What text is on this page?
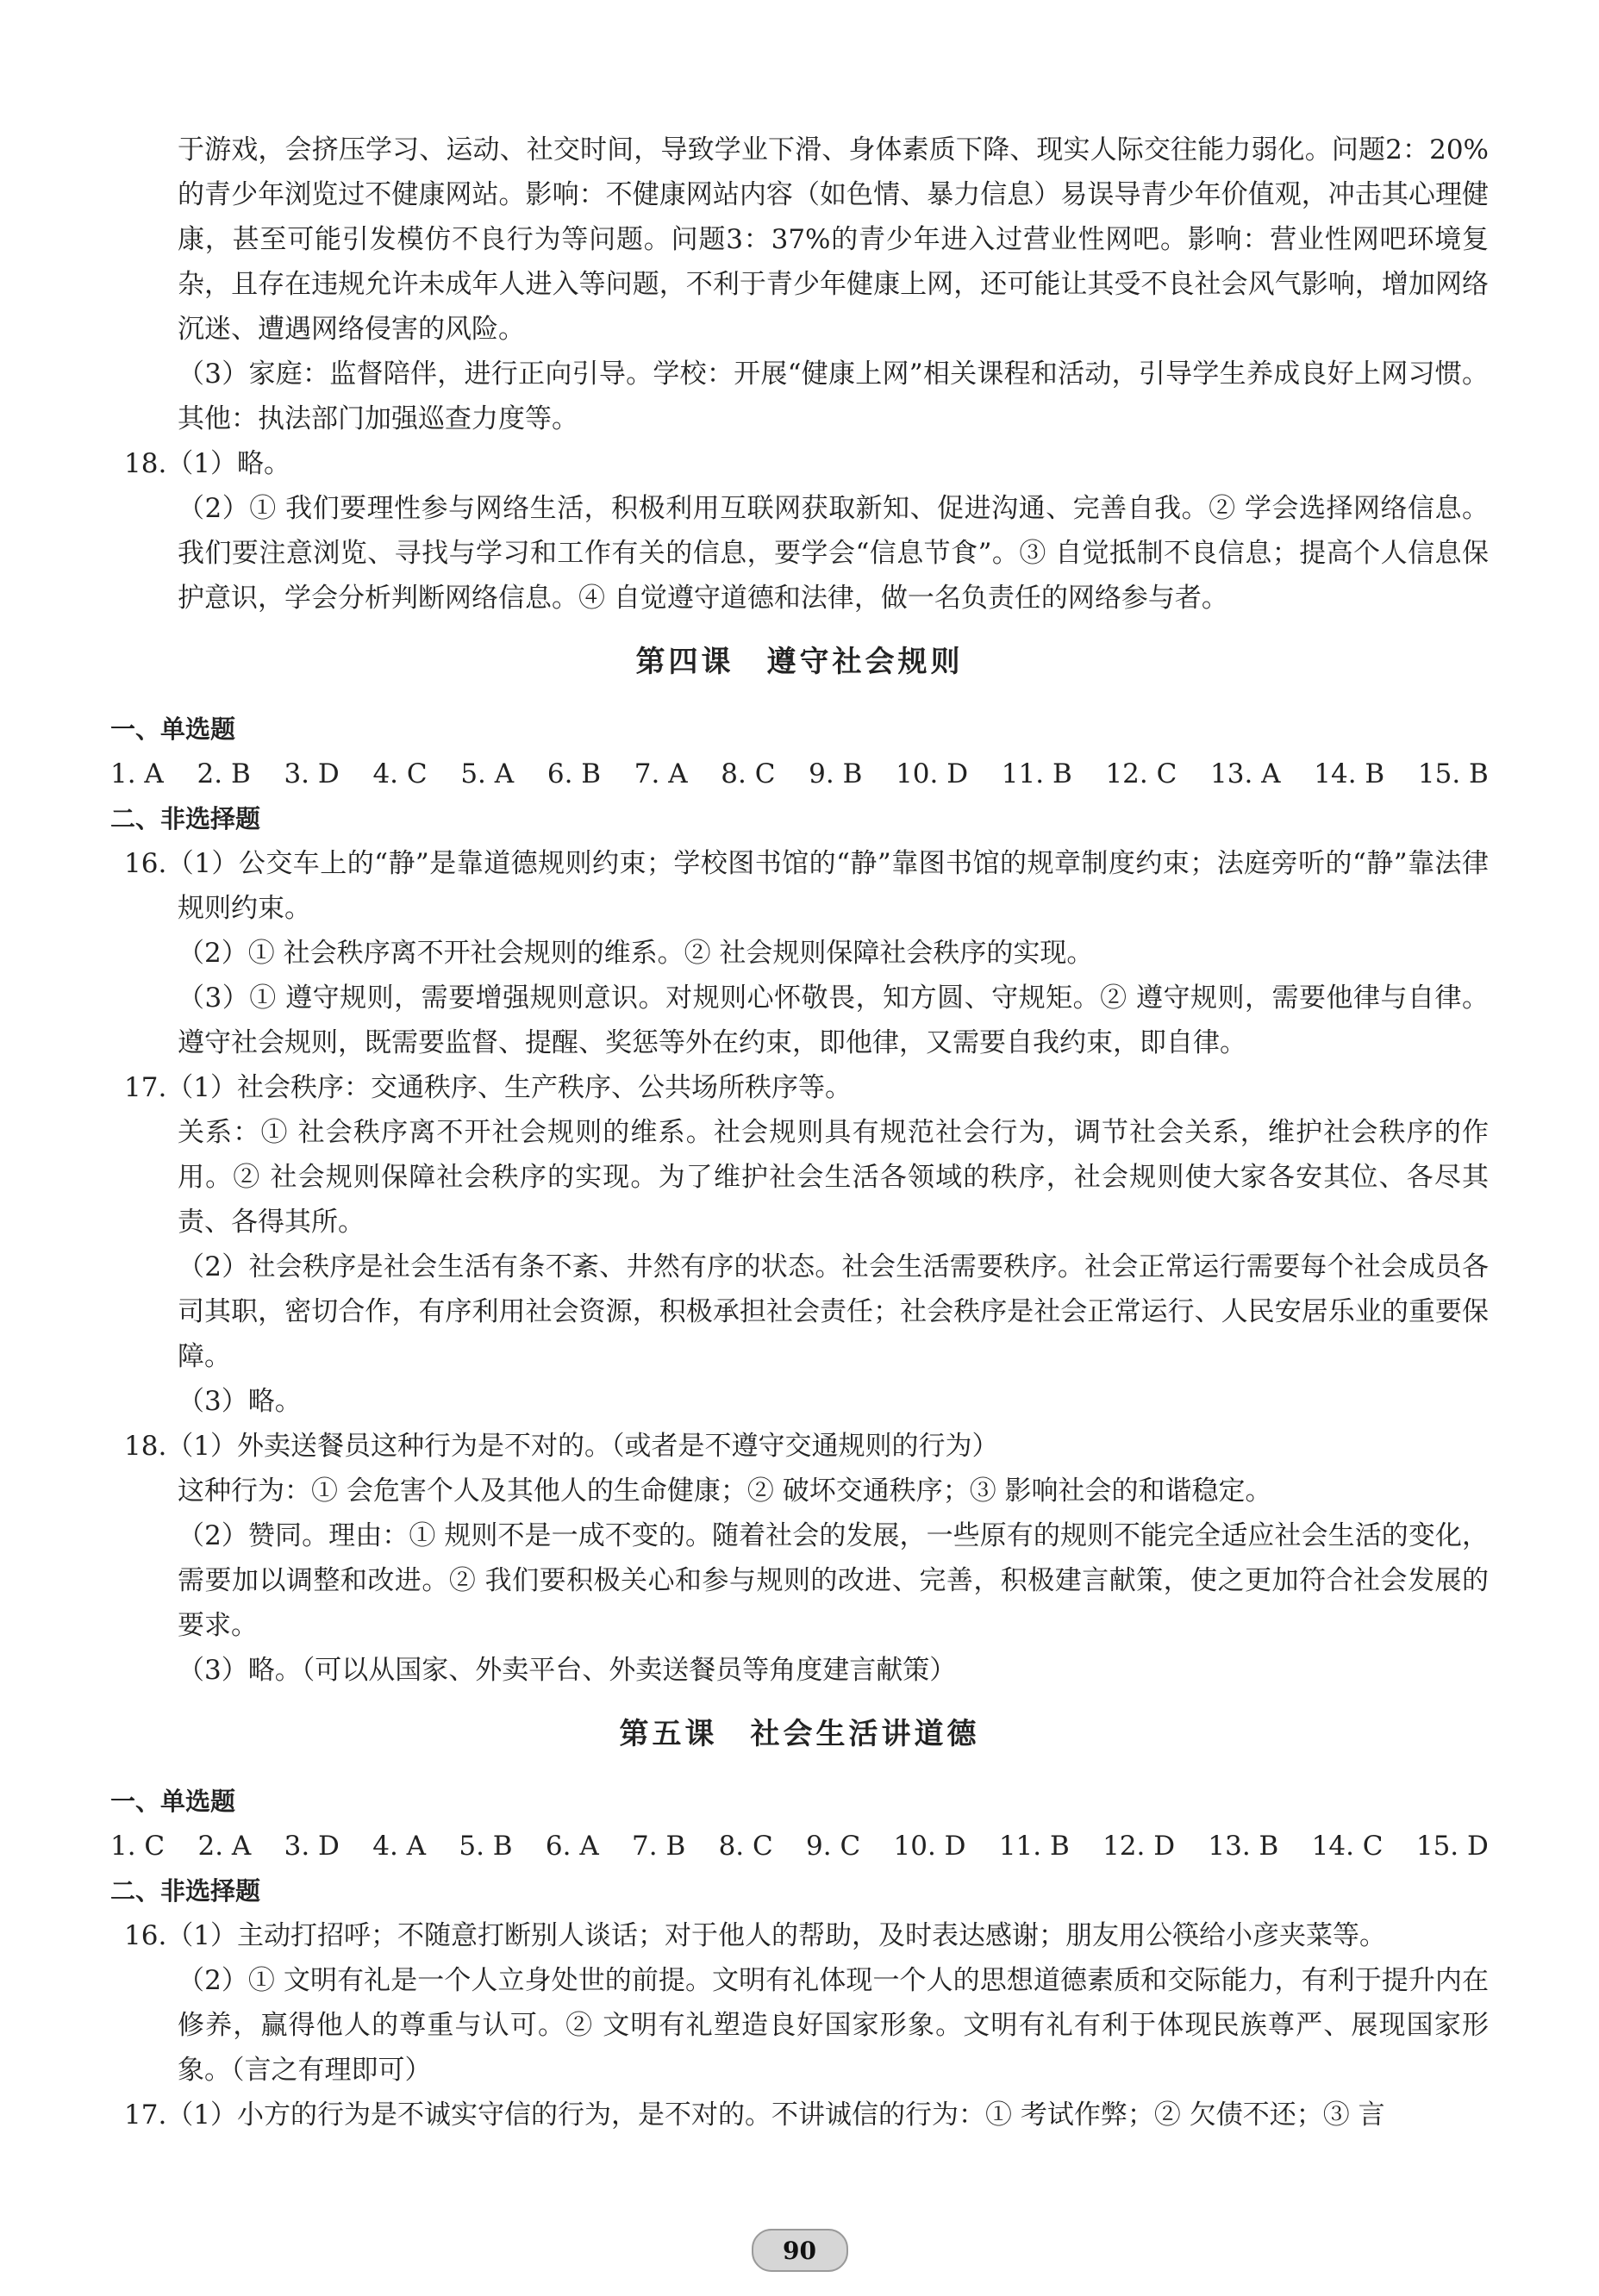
于游戏，会挤压学习、运动、社交时间，导致学业下滑、身体素质下降、现实人际交往能力弱化。问题2：20%的青少年浏览过不健康网站。影响：不健康网站内容（如色情、暴力信息）易误导青少年价值观，冲击其心理健康，甚至可能引发模仿不良行为等问题。问题3：37%的青少年进入过营业性网吧。影响：营业性网吧环境复杂，且存在违规允许未成年人进入等问题，不利于青少年健康上网，还可能让其受不良社会风气影响，增加网络沉迷、遭遇网络侵害的风险。

（3）家庭：监督陪伴，进行正向引导。学校：开展“健康上网”相关课程和活动，引导学生养成良好上网习惯。其他：执法部门加强巡查力度等。

18.（1）略。

（2）① 我们要理性参与网络生活，积极利用互联网获取新知、促进沟通、完善自我。② 学会选择网络信息。我们要注意浏览、寻找与学习和工作有关的信息，要学会“信息节食”。③ 自觉抵制不良信息；提高个人信息保护意识，学会分析判断网络信息。④ 自觉遵守道德和法律，做一名负责任的网络参与者。

第四课　遵守社会规则

一、单选题

1. A 2. B 3. D 4. C 5. A 6. B 7. A 8. C 9. B 10. D 11. B 12. C 13. A 14. B 15. B

二、非选择题

16.（1）公交车上的“静”是靠道德规则约束；学校图书馆的“静”靠图书馆的规章制度约束；法庭旁听的“静”靠法律规则约束。

（2）① 社会秩序离不开社会规则的维系。② 社会规则保障社会秩序的实现。

（3）① 遵守规则，需要增强规则意识。对规则心怀敬畏，知方圆、守规矩。② 遵守规则，需要他律与自律。遵守社会规则，既需要监督、提醒、奖惩等外在约束，即他律，又需要自我约束，即自律。

17.（1）社会秩序：交通秩序、生产秩序、公共场所秩序等。

关系：① 社会秩序离不开社会规则的维系。社会规则具有规范社会行为，调节社会关系，维护社会秩序的作用。② 社会规则保障社会秩序的实现。为了维护社会生活各领域的秩序，社会规则使大家各安其位、各尽其责、各得其所。

（2）社会秩序是社会生活有条不紊、井然有序的状态。社会生活需要秩序。社会正常运行需要每个社会成员各司其职，密切合作，有序利用社会资源，积极承担社会责任；社会秩序是社会正常运行、人民安居乐业的重要保障。

（3）略。

18.（1）外卖送餐员这种行为是不对的。（或者是不遵守交通规则的行为）

这种行为：① 会危害个人及其他人的生命健康；② 破坏交通秩序；③ 影响社会的和谐稳定。

（2）赞同。理由：① 规则不是一成不变的。随着社会的发展，一些原有的规则不能完全适应社会生活的变化，需要加以调整和改进。② 我们要积极关心和参与规则的改进、完善，积极建言献策，使之更加符合社会发展的要求。

（3）略。（可以从国家、外卖平台、外卖送餐员等角度建言献策）

第五课　社会生活讲道德

一、单选题

1. C 2. A 3. D 4. A 5. B 6. A 7. B 8. C 9. C 10. D 11. B 12. D 13. B 14. C 15. D

二、非选择题

16.（1）主动打招呼；不随意打断别人谈话；对于他人的帮助，及时表达感谢；朋友用公筷给小彦夹菜等。

（2）① 文明有礼是一个人立身处世的前提。文明有礼体现一个人的思想道德素质和交际能力，有利于提升内在修养，赢得他人的尊重与认可。② 文明有礼塑造良好国家形象。文明有礼有利于体现民族尊严、展现国家形象。（言之有理即可）

17.（1）小方的行为是不诚实守信的行为，是不对的。不讲诚信的行为：① 考试作弊；② 欠债不还；③ 言

90
